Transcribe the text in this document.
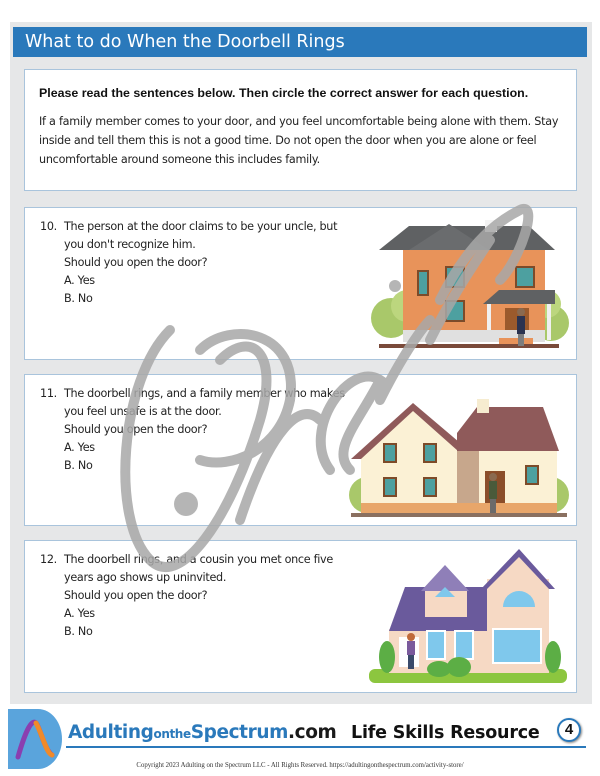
What to do When the Doorbell Rings

Please read the sentences below. Then circle the correct answer for each question.

If a family member comes to your door, and you feel uncomfortable being alone with them. Stay inside and tell them this is not a good time. Do not open the door when you are alone or feel uncomfortable around someone this includes family.
10. The person at the door claims to be your uncle, but
you don't recognize him.
Should you open the door?
A. Yes
B. No
11. The doorbell rings, and a family member who makes
you feel unsafe is at the door.
Should you open the door?
A. Yes
B. No
12. The doorbell rings, and a cousin you met once five
years ago shows up uninvited.
Should you open the door?
A. Yes
B. No
AdultingontheSpectrum.com Life Skills Resource	4
Copyright 2023 Adulting on the Spectrum LLC - All Rights Reserved. https://adultingonthespectrum.com/activity-store/
